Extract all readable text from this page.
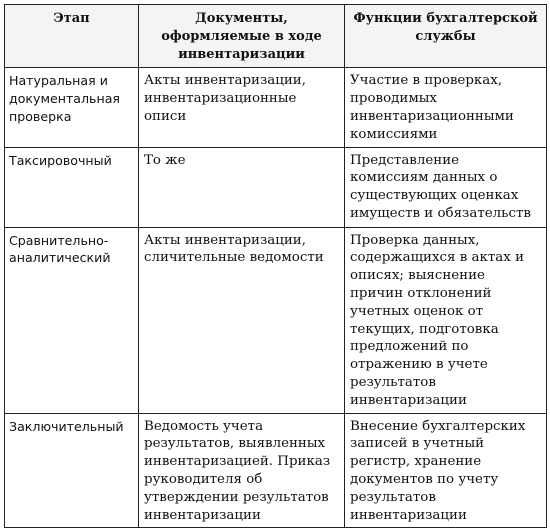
Этап	Документы, оформляемые в ходе инвентаризации	Функции бухгалтерской службы
Натуральная и документальная проверка	Акты инвентаризации, инвентаризационные описи	Участие в проверках, проводимых инвентаризационными комиссиями
Таксировочный	То же	Представление комиссиям данных о существующих оценках имуществ и обязательств
Сравнительно-аналитический	Акты инвентаризации, сличительные ведомости	Проверка данных, содержащихся в актах и описях; выяснение причин отклонений учетных оценок от текущих, подготовка предложений по отражению в учете результатов инвентаризации
Заключительный	Ведомость учета результатов, выявленных инвентаризацией. Приказ руководителя об утверждении результатов инвентаризации	Внесение бухгалтерских записей в учетный регистр, хранение документов по учету результатов инвентаризации
